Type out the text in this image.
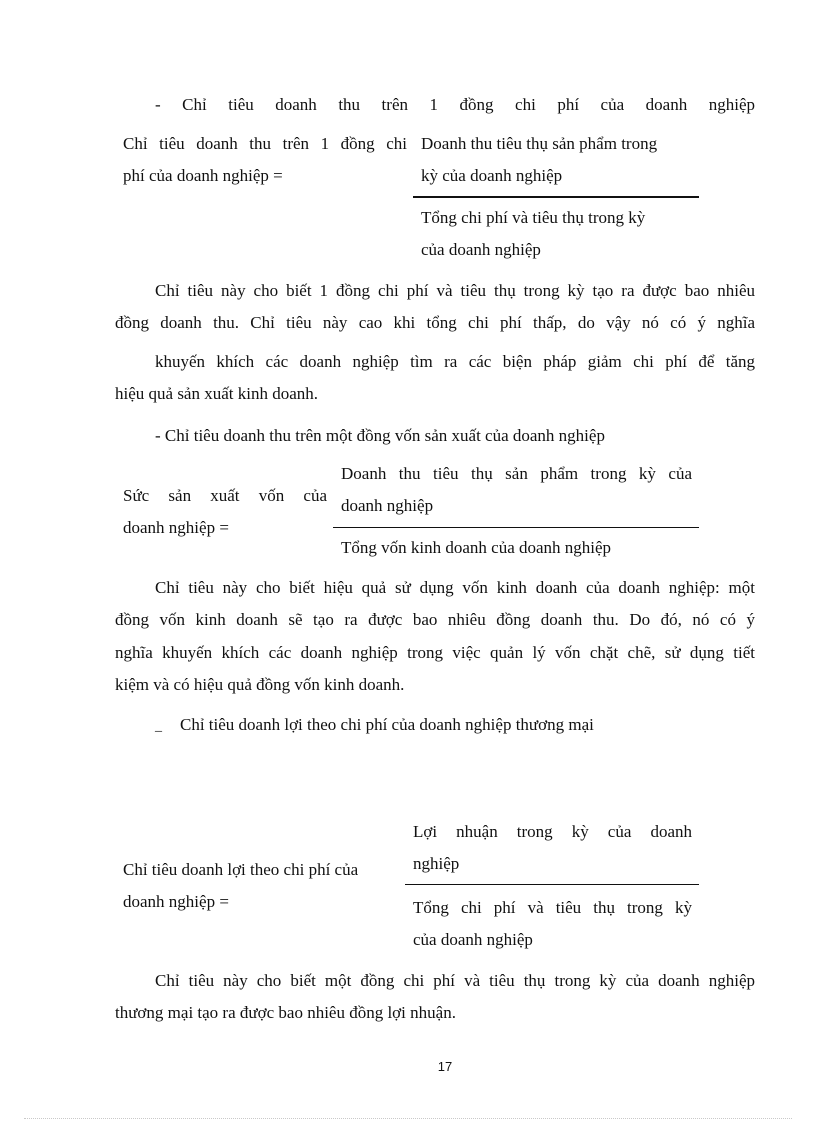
- Chỉ tiêu doanh thu trên 1 đồng chi phí của doanh nghiệp
Chỉ tiêu doanh thu trên 1 đồng chi
phí của doanh nghiệp =
Doanh thu tiêu thụ sản phẩm trong
kỳ của doanh nghiệp
Tổng chi phí và tiêu thụ trong kỳ
của doanh nghiệp
Chỉ tiêu này cho biết 1 đồng chi phí và tiêu thụ trong kỳ tạo ra được bao nhiêu
đồng doanh thu. Chỉ tiêu này cao khi tổng chi phí thấp, do vậy nó có ý nghĩa
khuyến khích các doanh nghiệp tìm ra các biện pháp giảm chi phí để tăng
hiệu quả sản xuất kinh doanh.
- Chỉ tiêu doanh thu trên một đồng vốn sản xuất của doanh nghiệp
Sức sản xuất vốn của
doanh nghiệp =
Doanh thu tiêu thụ sản phẩm trong kỳ của
doanh nghiệp
Tổng vốn kinh doanh của doanh nghiệp
Chỉ tiêu này cho biết hiệu quả sử dụng vốn kinh doanh của doanh nghiệp: một
đồng vốn kinh doanh sẽ tạo ra được bao nhiêu đồng doanh thu. Do đó, nó có ý
nghĩa khuyến khích các doanh nghiệp trong việc quản lý vốn chặt chẽ, sử dụng tiết
kiệm và có hiệu quả đồng vốn kinh doanh.
_ Chỉ tiêu doanh lợi theo chi phí của doanh nghiệp thương mại
Chỉ tiêu doanh lợi theo chi phí của
doanh nghiệp =
Lợi nhuận trong kỳ của doanh
nghiệp
Tổng chi phí và tiêu thụ trong kỳ
của doanh nghiệp
Chỉ tiêu này cho biết một đồng chi phí và tiêu thụ trong kỳ của doanh nghiệp
thương mại tạo ra được bao nhiêu đồng lợi nhuận.
17
